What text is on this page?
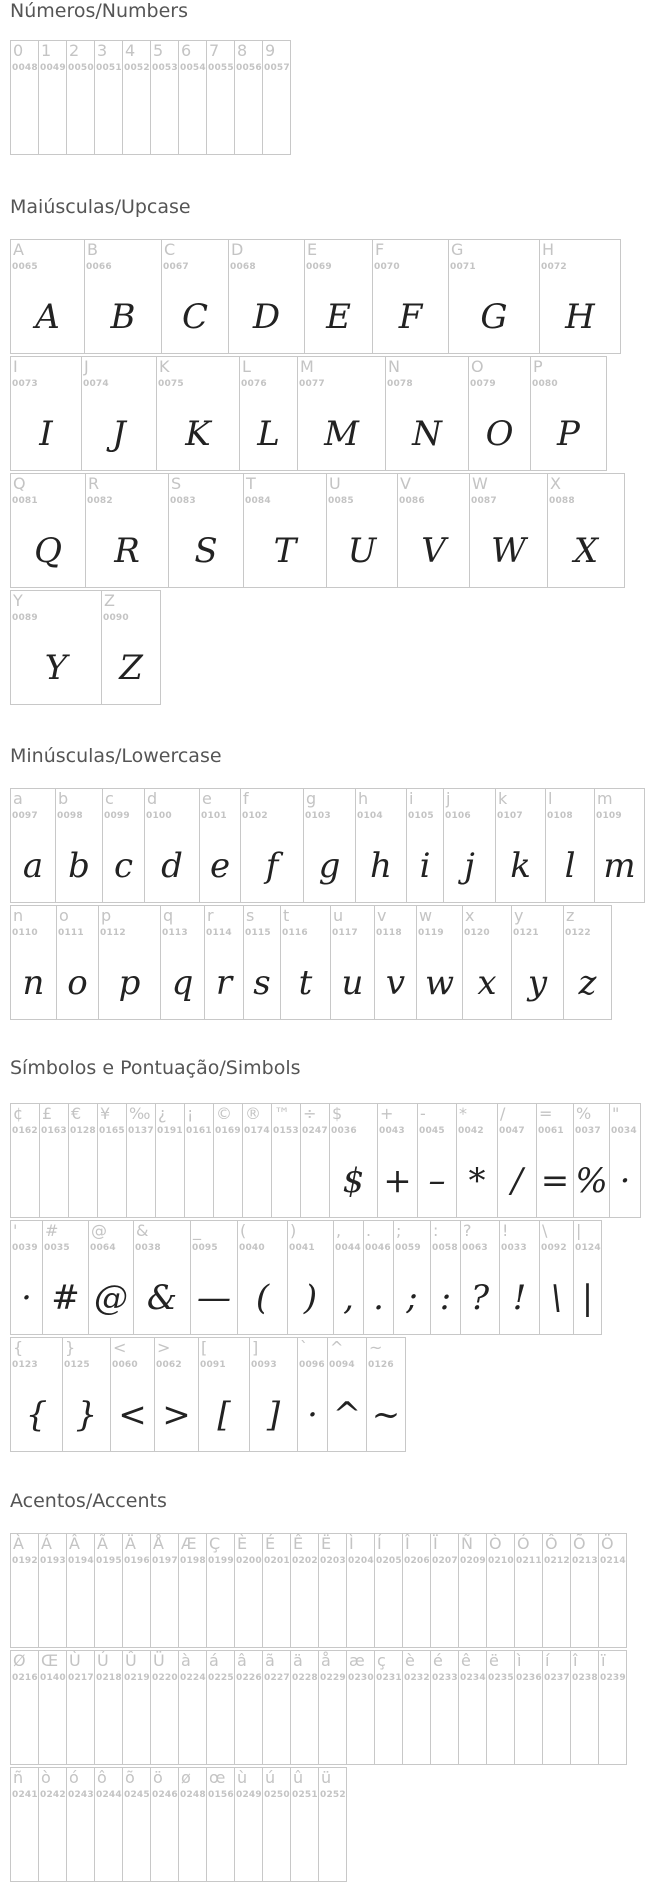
Números/Numbers
0
0048
1
0049
2
0050
3
0051
4
0052
5
0053
6
0054
7
0055
8
0056
9
0057
Maiúsculas/Upcase
A
0065
A
B
0066
B
C
0067
C
D
0068
D
E
0069
E
F
0070
F
G
0071
G
H
0072
H
I
0073
I
J
0074
J
K
0075
K
L
0076
L
M
0077
M
N
0078
N
O
0079
O
P
0080
P
Q
0081
Q
R
0082
R
S
0083
S
T
0084
T
U
0085
U
V
0086
V
W
0087
W
X
0088
X
Y
0089
Y
Z
0090
Z
Minúsculas/Lowercase
a
0097
a
b
0098
b
c
0099
c
d
0100
d
e
0101
e
f
0102
f
g
0103
g
h
0104
h
i
0105
i
j
0106
j
k
0107
k
l
0108
l
m
0109
m
n
0110
n
o
0111
o
p
0112
p
q
0113
q
r
0114
r
s
0115
s
t
0116
t
u
0117
u
v
0118
v
w
0119
w
x
0120
x
y
0121
y
z
0122
z
Símbolos e Pontuação/Simbols
¢
0162
£
0163
€
0128
¥
0165
‰
0137
¿
0191
¡
0161
©
0169
®
0174
™
0153
÷
0247
$
0036
$
+
0043
+
-
0045
–
*
0042
*
/
0047
/
=
0061
=
%
0037
%
"
0034
·
'
0039
·
#
0035
#
@
0064
@
&
0038
&
_
0095
—
(
0040
(
)
0041
)
,
0044
,
.
0046
.
;
0059
;
:
0058
:
?
0063
?
!
0033
!
\
0092
\
|
0124
|
{
0123
{
}
0125
}
<
0060
<
>
0062
>
[
0091
[
]
0093
]
`
0096
·
^
0094
^
~
0126
~
Acentos/Accents
À
0192
Á
0193
Â
0194
Ã
0195
Ä
0196
Å
0197
Æ
0198
Ç
0199
È
0200
É
0201
Ê
0202
Ë
0203
Ì
0204
Í
0205
Î
0206
Ï
0207
Ñ
0209
Ò
0210
Ó
0211
Ô
0212
Õ
0213
Ö
0214
Ø
0216
Œ
0140
Ù
0217
Ú
0218
Û
0219
Ü
0220
à
0224
á
0225
â
0226
ã
0227
ä
0228
å
0229
æ
0230
ç
0231
è
0232
é
0233
ê
0234
ë
0235
ì
0236
í
0237
î
0238
ï
0239
ñ
0241
ò
0242
ó
0243
ô
0244
õ
0245
ö
0246
ø
0248
œ
0156
ù
0249
ú
0250
û
0251
ü
0252
